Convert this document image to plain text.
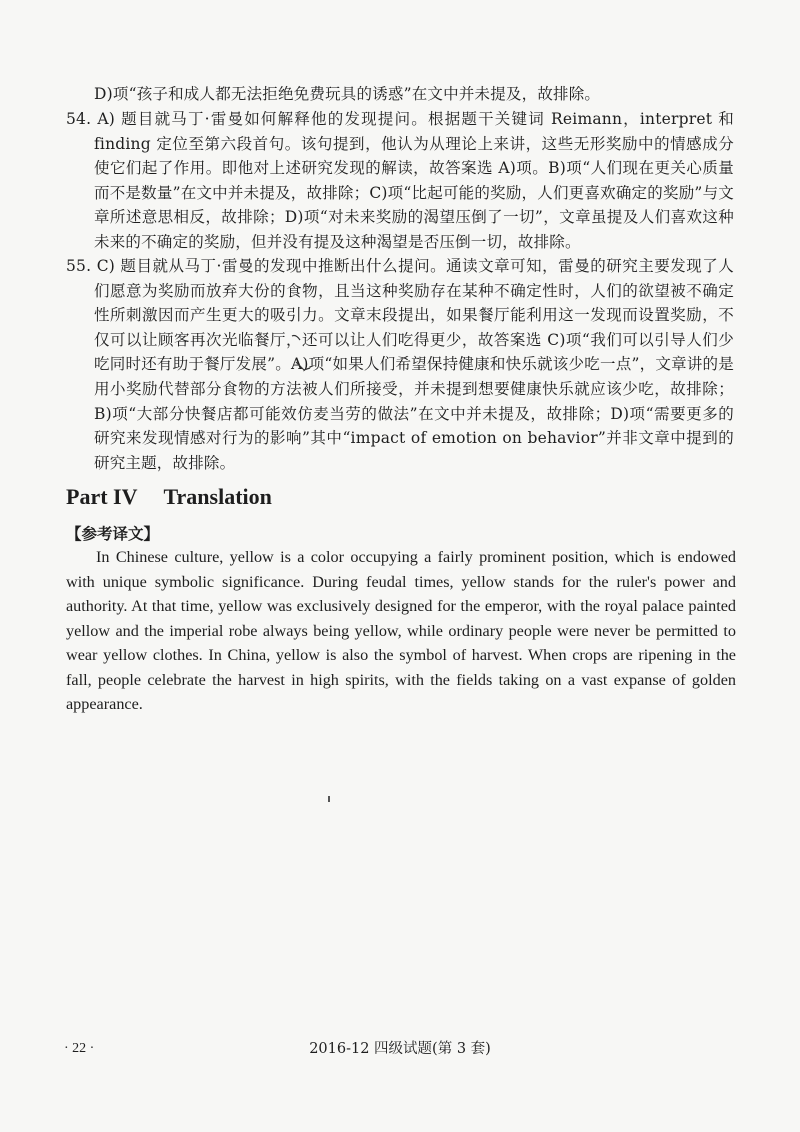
D)项“孩子和成人都无法拒绝免费玩具的诱惑”在文中并未提及，故排除。

54. A) 题目就马丁·雷曼如何解释他的发现提问。根据题干关键词 Reimann，interpret 和 finding 定位至第六段首句。该句提到，他认为从理论上来讲，这些无形奖励中的情感成分使它们起了作用。即他对上述研究发现的解读，故答案选 A)项。B)项“人们现在更关心质量而不是数量”在文中并未提及，故排除；C)项“比起可能的奖励，人们更喜欢确定的奖励”与文章所述意思相反，故排除；D)项“对未来奖励的渴望压倒了一切”，文章虽提及人们喜欢这种未来的不确定的奖励，但并没有提及这种渴望是否压倒一切，故排除。

55. C) 题目就从马丁·雷曼的发现中推断出什么提问。通读文章可知，雷曼的研究主要发现了人们愿意为奖励而放弃大份的食物，且当这种奖励存在某种不确定性时，人们的欲望被不确定性所刺激因而产生更大的吸引力。文章末段提出，如果餐厅能利用这一发现而设置奖励，不仅可以让顾客再次光临餐厅，还可以让人们吃得更少，故答案选 C)项“我们可以引导人们少吃同时还有助于餐厅发展”。A)项“如果人们希望保持健康和快乐就该少吃一点”，文章讲的是用小奖励代替部分食物的方法被人们所接受，并未提到想要健康快乐就应该少吃，故排除；B)项“大部分快餐店都可能效仿麦当劳的做法”在文中并未提及，故排除；D)项“需要更多的研究来发现情感对行为的影响”其中“impact of emotion on behavior”并非文章中提到的研究主题，故排除。

Part IV Translation

【参考译文】

In Chinese culture, yellow is a color occupying a fairly prominent position, which is endowed with unique symbolic significance. During feudal times, yellow stands for the ruler's power and authority. At that time, yellow was exclusively designed for the emperor, with the royal palace painted yellow and the imperial robe always being yellow, while ordinary people were never be permitted to wear yellow clothes. In China, yellow is also the symbol of harvest. When crops are ripening in the fall, people celebrate the harvest in high spirits, with the fields taking on a vast expanse of golden appearance.

· 22 ·	2016-12 四级试题(第 3 套)
